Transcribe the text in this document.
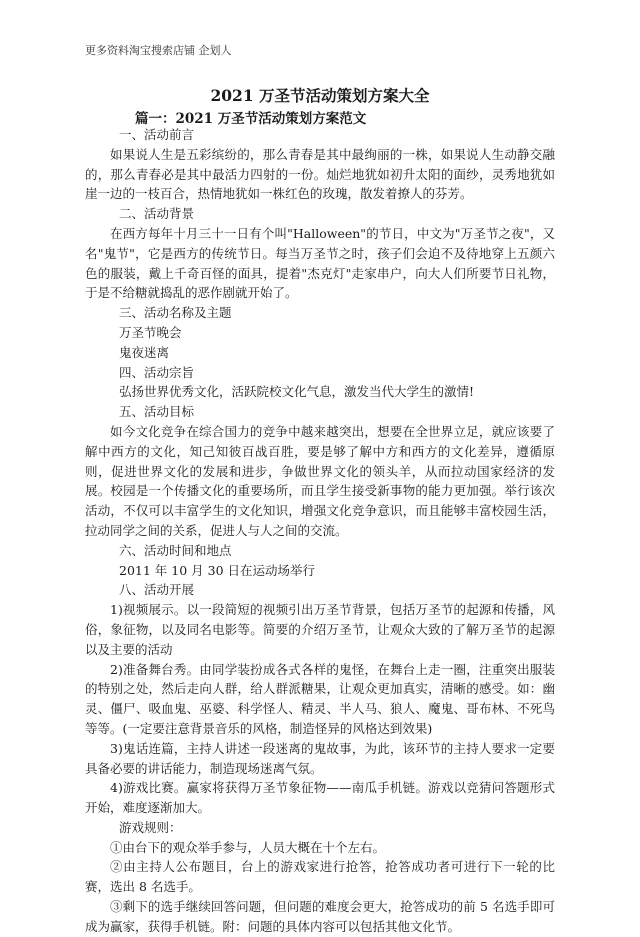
更多资料淘宝搜索店铺 企划人
2021 万圣节活动策划方案大全
篇一：2021 万圣节活动策划方案范文

一、活动前言

如果说人生是五彩缤纷的，那么青春是其中最绚丽的一株，如果说人生动静交融的，那么青春必是其中最活力四射的一份。灿烂地犹如初升太阳的面纱，灵秀地犹如崖一边的一枝百合，热情地犹如一株红色的玫瑰，散发着撩人的芬芳。

二、活动背景

在西方每年十月三十一日有个叫"Halloween"的节日，中文为"万圣节之夜"，又名"鬼节"，它是西方的传统节日。每当万圣节之时，孩子们会迫不及待地穿上五颜六色的服装，戴上千奇百怪的面具，提着"杰克灯"走家串户，向大人们所要节日礼物，于是不给糖就捣乱的恶作剧就开始了。

三、活动名称及主题

万圣节晚会

鬼夜迷离

四、活动宗旨

弘扬世界优秀文化，活跃院校文化气息，激发当代大学生的激情!

五、活动目标

如今文化竞争在综合国力的竞争中越来越突出，想要在全世界立足，就应该要了解中西方的文化，知己知彼百战百胜，要是够了解中方和西方的文化差异，遵循原则，促进世界文化的发展和进步，争做世界文化的领头羊，从而拉动国家经济的发展。校园是一个传播文化的重要场所，而且学生接受新事物的能力更加强。举行该次活动，不仅可以丰富学生的文化知识，增强文化竞争意识，而且能够丰富校园生活，拉动同学之间的关系，促进人与人之间的交流。

六、活动时间和地点

2011 年 10 月 30 日在运动场举行

八、活动开展

1)视频展示。以一段简短的视频引出万圣节背景，包括万圣节的起源和传播，风俗，象征物，以及同名电影等。简要的介绍万圣节，让观众大致的了解万圣节的起源以及主要的活动

2)准备舞台秀。由同学装扮成各式各样的鬼怪，在舞台上走一圈，注重突出服装的特别之处，然后走向人群，给人群派糖果，让观众更加真实，清晰的感受。如：幽灵、僵尸、吸血鬼、巫婆、科学怪人、精灵、半人马、狼人、魔鬼、哥布林、不死鸟等等。(一定要注意背景音乐的风格，制造怪异的风格达到效果)

3)鬼话连篇，主持人讲述一段迷离的鬼故事，为此，该环节的主持人要求一定要具备必要的讲话能力，制造现场迷离气氛。

4)游戏比赛。赢家将获得万圣节象征物——南瓜手机链。游戏以竞猜问答题形式开始，难度逐渐加大。

游戏规则：

①由台下的观众举手参与，人员大概在十个左右。

②由主持人公布题目，台上的游戏家进行抢答，抢答成功者可进行下一轮的比赛，选出 8 名选手。

③剩下的选手继续回答问题，但问题的难度会更大，抢答成功的前 5 名选手即可成为赢家，获得手机链。附：问题的具体内容可以包括其他文化节。
